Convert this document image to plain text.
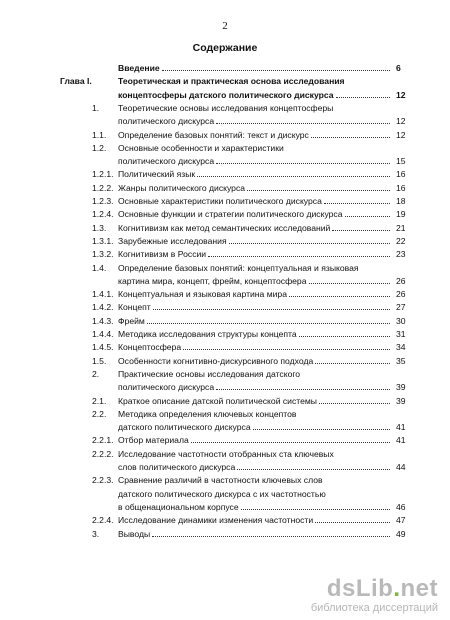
2
Содержание
Введение	6
Глава I.	Теоретическая и практическая основа исследования
концептосферы датского политического дискурса	12
1. Теоретические основы исследования концептосферы
политического дискурса	12
1.1. Определение базовых понятий: текст и дискурс	12
1.2. Основные особенности и характеристики
политического дискурса	15
1.2.1. Политический язык	16
1.2.2. Жанры политического дискурса	16
1.2.3. Основные характеристики политического дискурса	18
1.2.4. Основные функции и стратегии политического дискурса	19
1.3. Когнитивизм как метод семантических исследований	21
1.3.1. Зарубежные исследования	22
1.3.2. Когнитивизм в России	23
1.4. Определение базовых понятий: концептуальная и языковая
картина мира, концепт, фрейм, концептосфера	26
1.4.1. Концептуальная и языковая картина мира	26
1.4.2. Концепт	27
1.4.3. Фрейм	30
1.4.4. Методика исследования структуры концепта	31
1.4.5. Концептосфера	34
1.5. Особенности когнитивно-дискурсивного подхода	35
2. Практические основы исследования датского
политического дискурса	39
2.1. Краткое описание датской политической системы	39
2.2. Методика определения ключевых концептов
датского политического дискурса	41
2.2.1. Отбор материала	41
2.2.2. Исследование частотности отобранных ста ключевых
слов политического дискурса	44
2.2.3. Сравнение различий в частотности ключевых слов
датского политического дискурса с их частотностью
в общенациональном корпусе	46
2.2.4. Исследование динамики изменения частотности	47
3. Выводы	49
dsLib.net
библиотека диссертаций
